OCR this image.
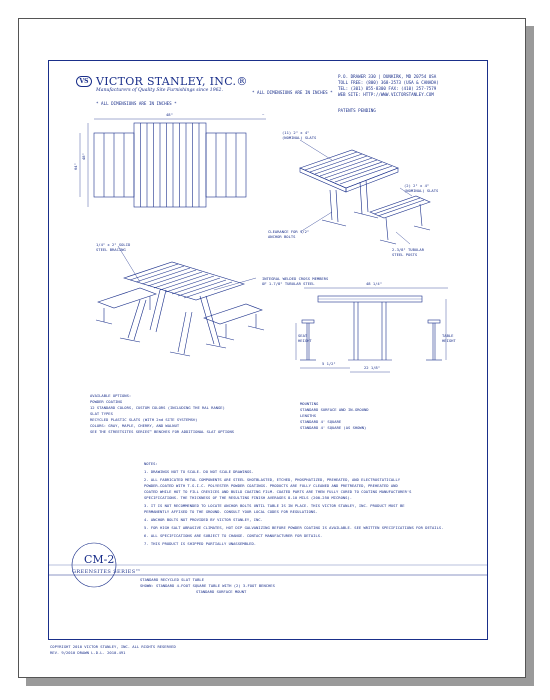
VS VICTOR STANLEY, INC.®
Manufacturers of Quality Site Furnishings since 1962.
* ALL DIMENSIONS ARE IN INCHES *
* ALL DIMENSIONS ARE IN INCHES *
P.O. DRAWER 330 | DUNKIRK, MD 20754 USA
TOLL FREE: (800) 368-2573 (USA & CANADA)
TEL: (301) 855-8300 FAX: (410) 257-7579
WEB SITE: HTTP://WWW.VICTORSTANLEY.COM
PATENTS PENDING
~
48"
48"
64"
(11) 2" x 4"
(NOMINAL) SLATS
(2) 2" x 4"
(NOMINAL) SLATS
CLEARANCE FOR 1/2"
ANCHOR BOLTS
2-3/8" TUBULAR
STEEL POSTS
1/4" x 2" SOLID
STEEL BRACING
INTEGRAL WELDED CROSS MEMBERS
OF 1-7/8" TUBULAR STEEL	48 1/4"
SEAT
HEIGHT
TABLE
HEIGHT
5 1/2"
22 1/8"
AVAILABLE OPTIONS:
POWDER COATING
12 STANDARD COLORS, CUSTOM COLORS (INCLUDING THE RAL RANGE)
SLAT TYPES
RECYCLED PLASTIC SLATS (WITH 2nd SITE SYSTEMS®)
COLORS: GRAY, MAPLE, CHERRY, AND WALNUT
SEE THE STREETSITES SERIES™ BENCHES FOR ADDITIONAL SLAT OPTIONS
MOUNTING
STANDARD SURFACE AND IN-GROUND
LENGTHS
STANDARD 4' SQUARE
STANDARD 4' SQUARE (AS SHOWN)
NOTES:
1. DRAWINGS NOT TO SCALE. DO NOT SCALE DRAWINGS.
2. ALL FABRICATED METAL COMPONENTS ARE STEEL SHOTBLASTED, ETCHED, PHOSPHATIZED, PREHEATED, AND ELECTROSTATICALLY
POWDER-COATED WITH T.G.I.C. POLYESTER POWDER COATINGS. PRODUCTS ARE FULLY CLEANED AND PRETREATED, PREHEATED AND
COATED WHILE HOT TO FILL CREVICES AND BUILD COATING FILM. COATED PARTS ARE THEN FULLY CURED TO COATING MANUFACTURER'S
SPECIFICATIONS. THE THICKNESS OF THE RESULTING FINISH AVERAGES 8-10 MILS (200-250 MICRONS).
3. IT IS NOT RECOMMENDED TO LOCATE ANCHOR BOLTS UNTIL TABLE IS IN PLACE. THIS VICTOR STANLEY, INC. PRODUCT MUST BE
PERMANENTLY AFFIXED TO THE GROUND. CONSULT YOUR LOCAL CODES FOR REGULATIONS.
4. ANCHOR BOLTS NOT PROVIDED BY VICTOR STANLEY, INC.
5. FOR HIGH SALT ABRASIVE CLIMATES, HOT DIP GALVANIZING BEFORE POWDER COATING IS AVAILABLE. SEE WRITTEN SPECIFICATIONS FOR DETAILS.
6. ALL SPECIFICATIONS ARE SUBJECT TO CHANGE. CONTACT MANUFACTURER FOR DETAILS.
7. THIS PRODUCT IS SHIPPED PARTIALLY UNASSEMBLED.
CM-2
GREENSITES SERIES™
STANDARD RECYCLED SLAT TABLE
SHOWN: STANDARD 4-FOOT SQUARE TABLE WITH (2) 3-FOOT BENCHES
STANDARD SURFACE MOUNT
COPYRIGHT 2010 VICTOR STANLEY, INC. ALL RIGHTS RESERVED
REV. 9/2010 DRAWN L.D.L. 2010-491
